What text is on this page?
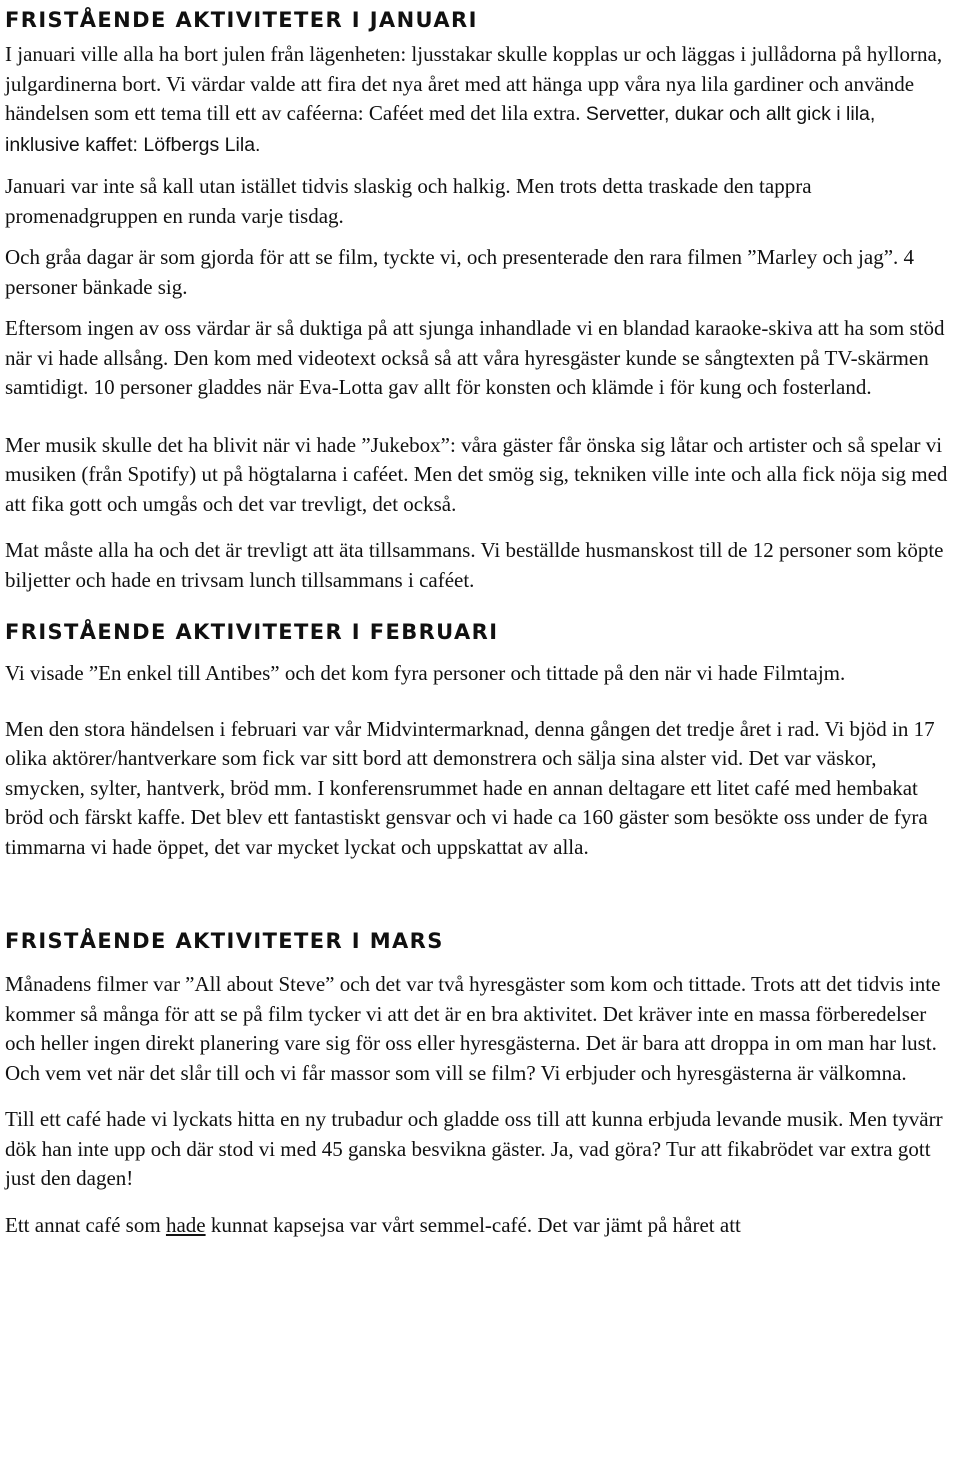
FRISTÅENDE AKTIVITETER I JANUARI

I januari ville alla ha bort julen från lägenheten: ljusstakar skulle kopplas ur och läggas i jullådorna på hyllorna, julgardinerna bort. Vi värdar valde att fira det nya året med att hänga upp våra nya lila gardiner och använde händelsen som ett tema till ett av caféerna: Caféet med det lila extra. Servetter, dukar och allt gick i lila, inklusive kaffet: Löfbergs Lila.

Januari var inte så kall utan istället tidvis slaskig och halkig. Men trots detta traskade den tappra promenadgruppen en runda varje tisdag.

Och gråa dagar är som gjorda för att se film, tyckte vi, och presenterade den rara filmen ”Marley och jag”. 4 personer bänkade sig.

Eftersom ingen av oss värdar är så duktiga på att sjunga inhandlade vi en blandad karaoke-skiva att ha som stöd när vi hade allsång. Den kom med videotext också så att våra hyresgäster kunde se sångtexten på TV-skärmen samtidigt. 10 personer gladdes när Eva-Lotta gav allt för konsten och klämde i för kung och fosterland.

Mer musik skulle det ha blivit när vi hade ”Jukebox”: våra gäster får önska sig låtar och artister och så spelar vi musiken (från Spotify) ut på högtalarna i caféet. Men det smög sig, tekniken ville inte och alla fick nöja sig med att fika gott och umgås och det var trevligt, det också.

Mat måste alla ha och det är trevligt att äta tillsammans. Vi beställde husmanskost till de 12 personer som köpte biljetter och hade en trivsam lunch tillsammans i caféet.

FRISTÅENDE AKTIVITETER I FEBRUARI

Vi visade ”En enkel till Antibes” och det kom fyra personer och tittade på den när vi hade Filmtajm.

Men den stora händelsen i februari var vår Midvintermarknad, denna gången det tredje året i rad. Vi bjöd in 17 olika aktörer/hantverkare som fick var sitt bord att demonstrera och sälja sina alster vid. Det var väskor, smycken, sylter, hantverk, bröd mm. I konferensrummet hade en annan deltagare ett litet café med hembakat bröd och färskt kaffe. Det blev ett fantastiskt gensvar och vi hade ca 160 gäster som besökte oss under de fyra timmarna vi hade öppet, det var mycket lyckat och uppskattat av alla.

FRISTÅENDE AKTIVITETER I MARS

Månadens filmer var ”All about Steve” och det var två hyresgäster som kom och tittade. Trots att det tidvis inte kommer så många för att se på film tycker vi att det är en bra aktivitet. Det kräver inte en massa förberedelser och heller ingen direkt planering vare sig för oss eller hyresgästerna. Det är bara att droppa in om man har lust. Och vem vet när det slår till och vi får massor som vill se film? Vi erbjuder och hyresgästerna är välkomna.

Till ett café hade vi lyckats hitta en ny trubadur och gladde oss till att kunna erbjuda levande musik. Men tyvärr dök han inte upp och där stod vi med 45 ganska besvikna gäster. Ja, vad göra? Tur att fikabrödet var extra gott just den dagen!

Ett annat café som hade kunnat kapsejsa var vårt semmel-café. Det var jämt på håret att
